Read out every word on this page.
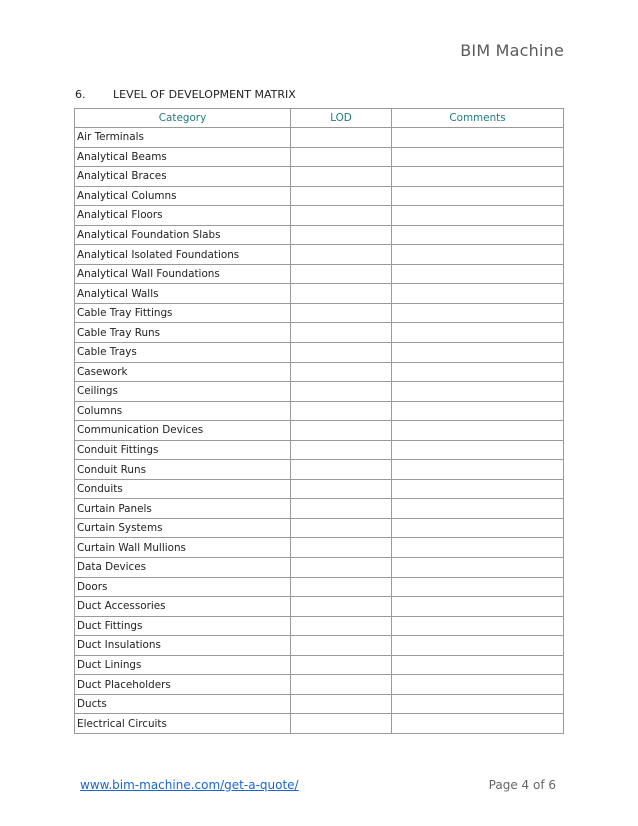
BIM Machine
6.	LEVEL OF DEVELOPMENT MATRIX
Category	LOD	Comments
Air Terminals		
Analytical Beams		
Analytical Braces		
Analytical Columns		
Analytical Floors		
Analytical Foundation Slabs		
Analytical Isolated Foundations		
Analytical Wall Foundations		
Analytical Walls		
Cable Tray Fittings		
Cable Tray Runs		
Cable Trays		
Casework		
Ceilings		
Columns		
Communication Devices		
Conduit Fittings		
Conduit Runs		
Conduits		
Curtain Panels		
Curtain Systems		
Curtain Wall Mullions		
Data Devices		
Doors		
Duct Accessories		
Duct Fittings		
Duct Insulations		
Duct Linings		
Duct Placeholders		
Ducts		
Electrical Circuits		
www.bim-machine.com/get-a-quote/	Page 4 of 6
